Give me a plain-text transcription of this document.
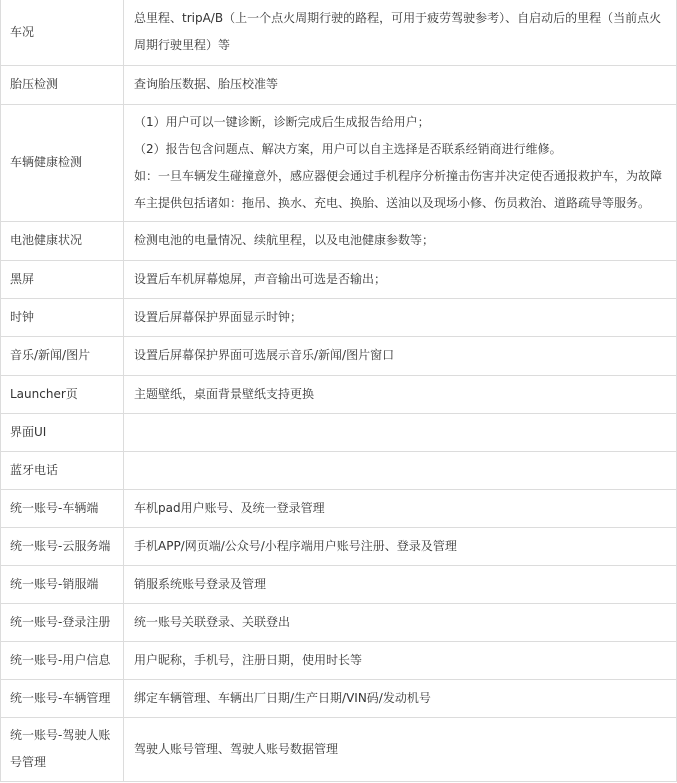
车况	总里程、tripA/B（上一个点火周期行驶的路程，可用于疲劳驾驶参考）、自启动后的里程（当前点火周期行驶里程）等

胎压检测	查询胎压数据、胎压校准等

车辆健康检测	（1）用户可以一键诊断，诊断完成后生成报告给用户；

（2）报告包含问题点、解决方案，用户可以自主选择是否联系经销商进行维修。

如：一旦车辆发生碰撞意外，感应器便会通过手机程序分析撞击伤害并决定使否通报救护车，为故障车主提供包括诸如：拖吊、换水、充电、换胎、送油以及现场小修、伤员救治、道路疏导等服务。

电池健康状况	检测电池的电量情况、续航里程，以及电池健康参数等；

黑屏	设置后车机屏幕熄屏，声音输出可选是否输出；

时钟	设置后屏幕保护界面显示时钟；

音乐/新闻/图片	设置后屏幕保护界面可选展示音乐/新闻/图片窗口

Launcher页	主题壁纸，桌面背景壁纸支持更换

界面UI	

蓝牙电话	

统一账号-车辆端	车机pad用户账号、及统一登录管理

统一账号-云服务端	手机APP/网页端/公众号/小程序端用户账号注册、登录及管理

统一账号-销服端	销服系统账号登录及管理

统一账号-登录注册	统一账号关联登录、关联登出

统一账号-用户信息	用户昵称，手机号，注册日期，使用时长等

统一账号-车辆管理	绑定车辆管理、车辆出厂日期/生产日期/VIN码/发动机号

统一账号-驾驶人账号管理	驾驶人账号管理、驾驶人账号数据管理
